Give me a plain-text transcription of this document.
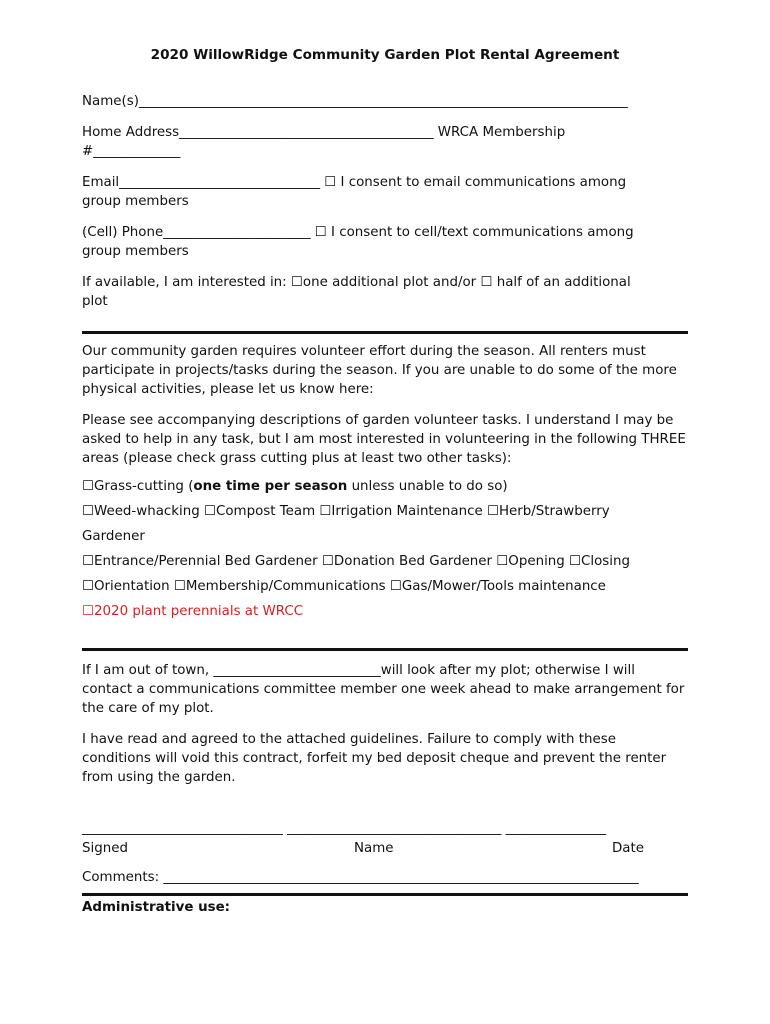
2020 WillowRidge Community Garden Plot Rental Agreement

Name(s)_________________________________________________________________________

Home Address______________________________________ WRCA Membership

#_____________

Email______________________________ ☐ I consent to email communications among

group members

(Cell) Phone______________________ ☐ I consent to cell/text communications among

group members

If available, I am interested in: ☐one additional plot and/or ☐ half of an additional

plot

Our community garden requires volunteer effort during the season. All renters must participate in projects/tasks during the season. If you are unable to do some of the more physical activities, please let us know here:

Please see accompanying descriptions of garden volunteer tasks. I understand I may be asked to help in any task, but I am most interested in volunteering in the following THREE areas (please check grass cutting plus at least two other tasks):

☐Grass-cutting (one time per season unless unable to do so)

☐Weed-whacking ☐Compost Team ☐Irrigation Maintenance ☐Herb/Strawberry

Gardener

☐Entrance/Perennial Bed Gardener ☐Donation Bed Gardener ☐Opening ☐Closing

☐Orientation ☐Membership/Communications ☐Gas/Mower/Tools maintenance

☐2020 plant perennials at WRCC

If I am out of town, _________________________will look after my plot; otherwise I will contact a communications committee member one week ahead to make arrangement for the care of my plot.

I have read and agreed to the attached guidelines. Failure to comply with these conditions will void this contract, forfeit my bed deposit cheque and prevent the renter from using the garden.

______________________________ ________________________________ _______________

Signed	Name	Date

Comments: _______________________________________________________________________

Administrative use:
